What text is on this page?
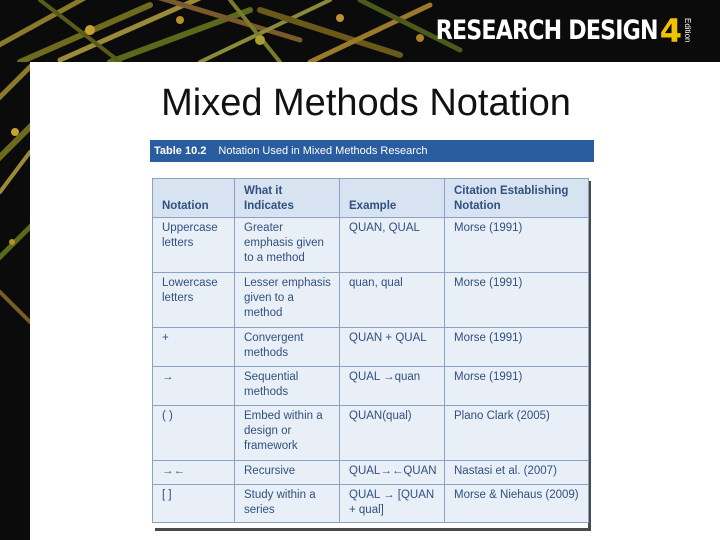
RESEARCH DESIGN 4 Edition
Mixed Methods Notation
Table 10.2 Notation Used in Mixed Methods Research
Notation	What it Indicates	Example	Citation Establishing Notation
Uppercase letters	Greater emphasis given to a method	QUAN, QUAL	Morse (1991)
Lowercase letters	Lesser emphasis given to a method	quan, qual	Morse (1991)
+	Convergent methods	QUAN + QUAL	Morse (1991)
→	Sequential methods	QUAL →quan	Morse (1991)
( )	Embed within a design or framework	QUAN(qual)	Plano Clark (2005)
→←	Recursive	QUAL→←QUAN	Nastasi et al. (2007)
[ ]	Study within a series	QUAL → [QUAN + qual]	Morse & Niehaus (2009)
